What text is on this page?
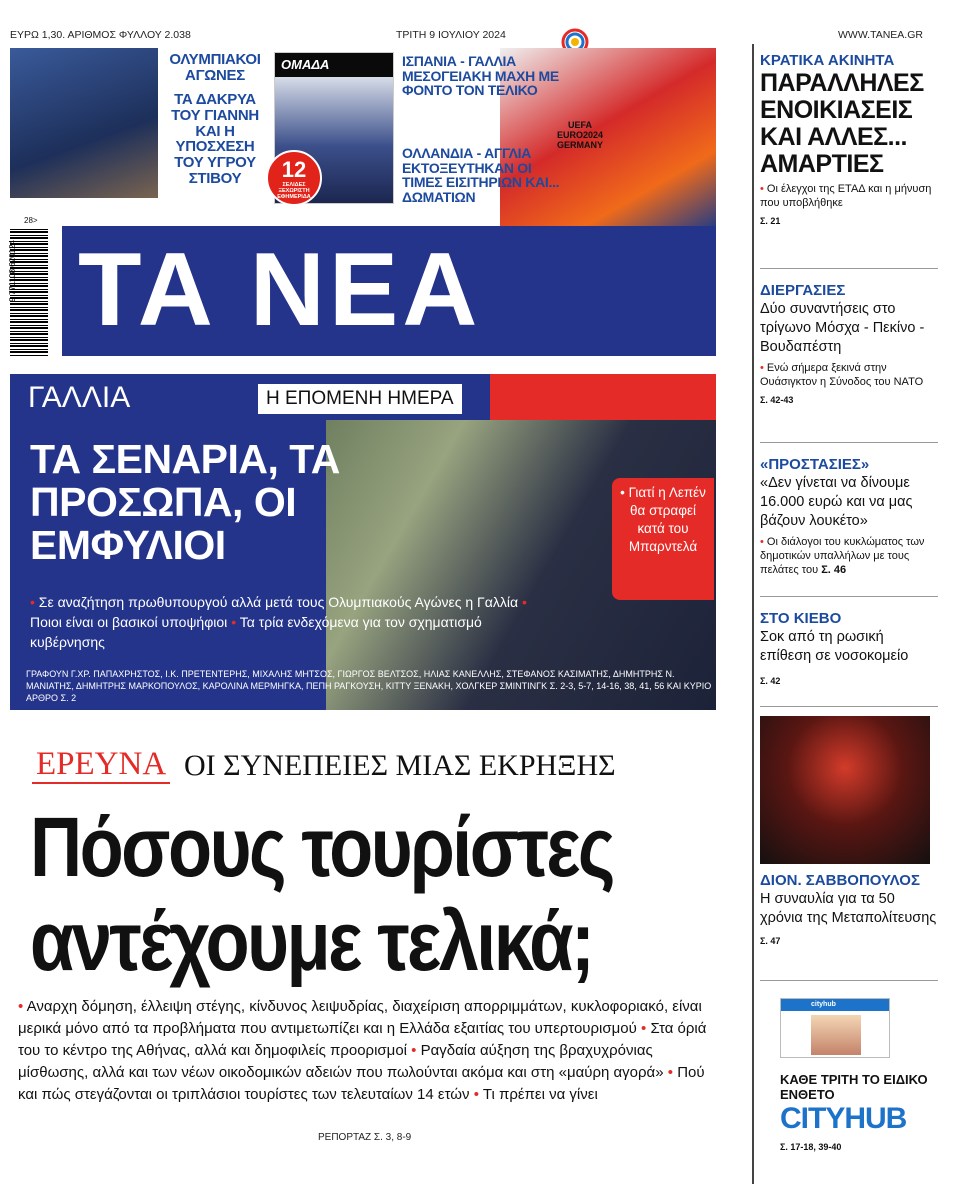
ΕΥΡΩ 1,30. ΑΡΙΘΜΟΣ ΦΥΛΛΟΥ 2.038	ΤΡΙΤΗ 9 ΙΟΥΛΙΟΥ 2024	WWW.TANEA.GR
ΟΛΥΜΠΙΑΚΟΙ ΑΓΩΝΕΣ
ΤΑ ΔΑΚΡΥΑ ΤΟΥ ΓΙΑΝΝΗ ΚΑΙ Η ΥΠΟΣΧΕΣΗ ΤΟΥ ΥΓΡΟΥ ΣΤΙΒΟΥ
ΟΜΑΔΑ
12
ΣΕΛΙΔΕΣ ΞΕΧΩΡΙΣΤΗ ΕΦΗΜΕΡΙΔΑ
ΙΣΠΑΝΙΑ - ΓΑΛΛΙΑ ΜΕΣΟΓΕΙΑΚΗ ΜΑΧΗ ΜΕ ΦΟΝΤΟ ΤΟΝ ΤΕΛΙΚΟ
ΟΛΛΑΝΔΙΑ - ΑΓΓΛΙΑ ΕΚΤΟΞΕΥΤΗΚΑΝ ΟΙ ΤΙΜΕΣ ΕΙΣΙΤΗΡΙΩΝ ΚΑΙ... ΔΩΜΑΤΙΩΝ
UEFA EURO2024 GERMANY
9 771108 620124
28>
ΤΑ ΝΕΑ
ΓΑΛΛΙΑ	Η ΕΠΟΜΕΝΗ ΗΜΕΡΑ
ΤΑ ΣΕΝΑΡΙΑ, ΤΑ ΠΡΟΣΩΠΑ, ΟΙ ΕΜΦΥΛΙΟΙ
• Γιατί η Λεπέν θα στραφεί κατά του Μπαρντελά
• Σε αναζήτηση πρωθυπουργού αλλά μετά τους Ολυμπιακούς Αγώνες η Γαλλία • Ποιοι είναι οι βασικοί υποψήφιοι • Τα τρία ενδεχόμενα για τον σχηματισμό κυβέρνησης
ΓΡΑΦΟΥΝ Γ.ΧΡ. ΠΑΠΑΧΡΗΣΤΟΣ, Ι.Κ. ΠΡΕΤΕΝΤΕΡΗΣ, ΜΙΧΑΛΗΣ ΜΗΤΣΟΣ, ΓΙΩΡΓΟΣ ΒΕΛΤΣΟΣ, ΗΛΙΑΣ ΚΑΝΕΛΛΗΣ, ΣΤΕΦΑΝΟΣ ΚΑΣΙΜΑΤΗΣ, ΔΗΜΗΤΡΗΣ Ν. ΜΑΝΙΑΤΗΣ, ΔΗΜΗΤΡΗΣ ΜΑΡΚΟΠΟΥΛΟΣ, ΚΑΡΟΛΙΝΑ ΜΕΡΜΗΓΚΑ, ΠΕΠΗ ΡΑΓΚΟΥΣΗ, ΚΙΤΤΥ ΞΕΝΑΚΗ, ΧΟΛΓΚΕΡ ΣΜΙΝΤΙΝΓΚ Σ. 2-3, 5-7, 14-16, 38, 41, 56 ΚΑΙ ΚΥΡΙΟ ΑΡΘΡΟ Σ. 2
ΕΡΕΥΝΑ ΟΙ ΣΥΝΕΠΕΙΕΣ ΜΙΑΣ ΕΚΡΗΞΗΣ
Πόσους τουρίστες
αντέχουμε τελικά;
• Αναρχη δόμηση, έλλειψη στέγης, κίνδυνος λειψυδρίας, διαχείριση απορριμμάτων, κυκλοφοριακό, είναι μερικά μόνο από τα προβλήματα που αντιμετωπίζει και η Ελλάδα εξαιτίας του υπερτουρισμού • Στα όριά του το κέντρο της Αθήνας, αλλά και δημοφιλείς προορισμοί • Ραγδαία αύξηση της βραχυχρόνιας μίσθωσης, αλλά και των νέων οικοδομικών αδειών που πωλούνται ακόμα και στη «μαύρη αγορά» • Πού και πώς στεγάζονται οι τριπλάσιοι τουρίστες των τελευταίων 14 ετών • Τι πρέπει να γίνει
ΡΕΠΟΡΤΑΖ Σ. 3, 8-9
ΚΡΑΤΙΚΑ ΑΚΙΝΗΤΑ
ΠΑΡΑΛΛΗΛΕΣ ΕΝΟΙΚΙΑΣΕΙΣ ΚΑΙ ΑΛΛΕΣ... ΑΜΑΡΤΙΕΣ
• Οι έλεγχοι της ΕΤΑΔ και η μήνυση που υποβλήθηκε
Σ. 21
ΔΙΕΡΓΑΣΙΕΣ
Δύο συναντήσεις στο τρίγωνο Μόσχα - Πεκίνο - Βουδαπέστη
• Ενώ σήμερα ξεκινά στην Ουάσιγκτον η Σύνοδος του ΝΑΤΟ
Σ. 42-43
«ΠΡΟΣΤΑΣΙΕΣ»
«Δεν γίνεται να δίνουμε 16.000 ευρώ και να μας βάζουν λουκέτο»
• Οι διάλογοι του κυκλώματος των δημοτικών υπαλλήλων με τους πελάτες του Σ. 46
ΣΤΟ ΚΙΕΒΟ
Σοκ από τη ρωσική επίθεση σε νοσοκομείο
Σ. 42
ΔΙΟΝ. ΣΑΒΒΟΠΟΥΛΟΣ
Η συναυλία για τα 50 χρόνια της Μεταπολίτευσης
Σ. 47
cityhub
ΚΑΘΕ ΤΡΙΤΗ ΤΟ ΕΙΔΙΚΟ ΕΝΘΕΤΟ
CITYHUB
Σ. 17-18, 39-40
